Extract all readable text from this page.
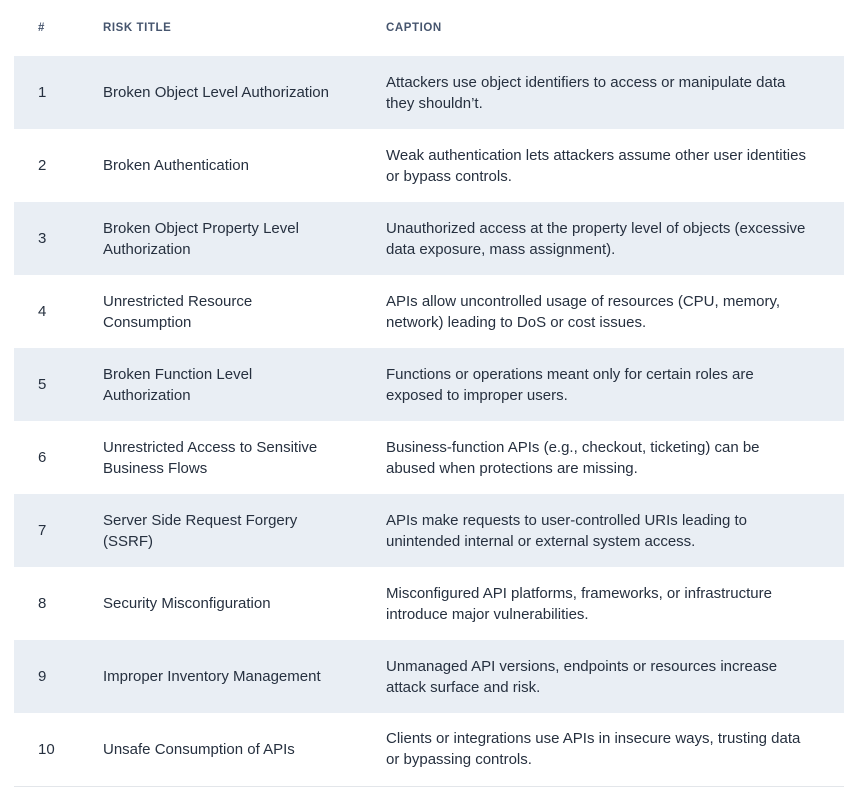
#	RISK TITLE	CAPTION
1	Broken Object Level Authorization	Attackers use object identifiers to access or manipulate data they shouldn’t.
2	Broken Authentication	Weak authentication lets attackers assume other user identities or bypass controls.
3	Broken Object Property Level Authorization	Unauthorized access at the property level of objects (excessive data exposure, mass assignment).
4	Unrestricted Resource Consumption	APIs allow uncontrolled usage of resources (CPU, memory, network) leading to DoS or cost issues.
5	Broken Function Level Authorization	Functions or operations meant only for certain roles are exposed to improper users.
6	Unrestricted Access to Sensitive Business Flows	Business-function APIs (e.g., checkout, ticketing) can be abused when protections are missing.
7	Server Side Request Forgery (SSRF)	APIs make requests to user-controlled URIs leading to unintended internal or external system access.
8	Security Misconfiguration	Misconfigured API platforms, frameworks, or infrastructure introduce major vulnerabilities.
9	Improper Inventory Management	Unmanaged API versions, endpoints or resources increase attack surface and risk.
10	Unsafe Consumption of APIs	Clients or integrations use APIs in insecure ways, trusting data or bypassing controls.
